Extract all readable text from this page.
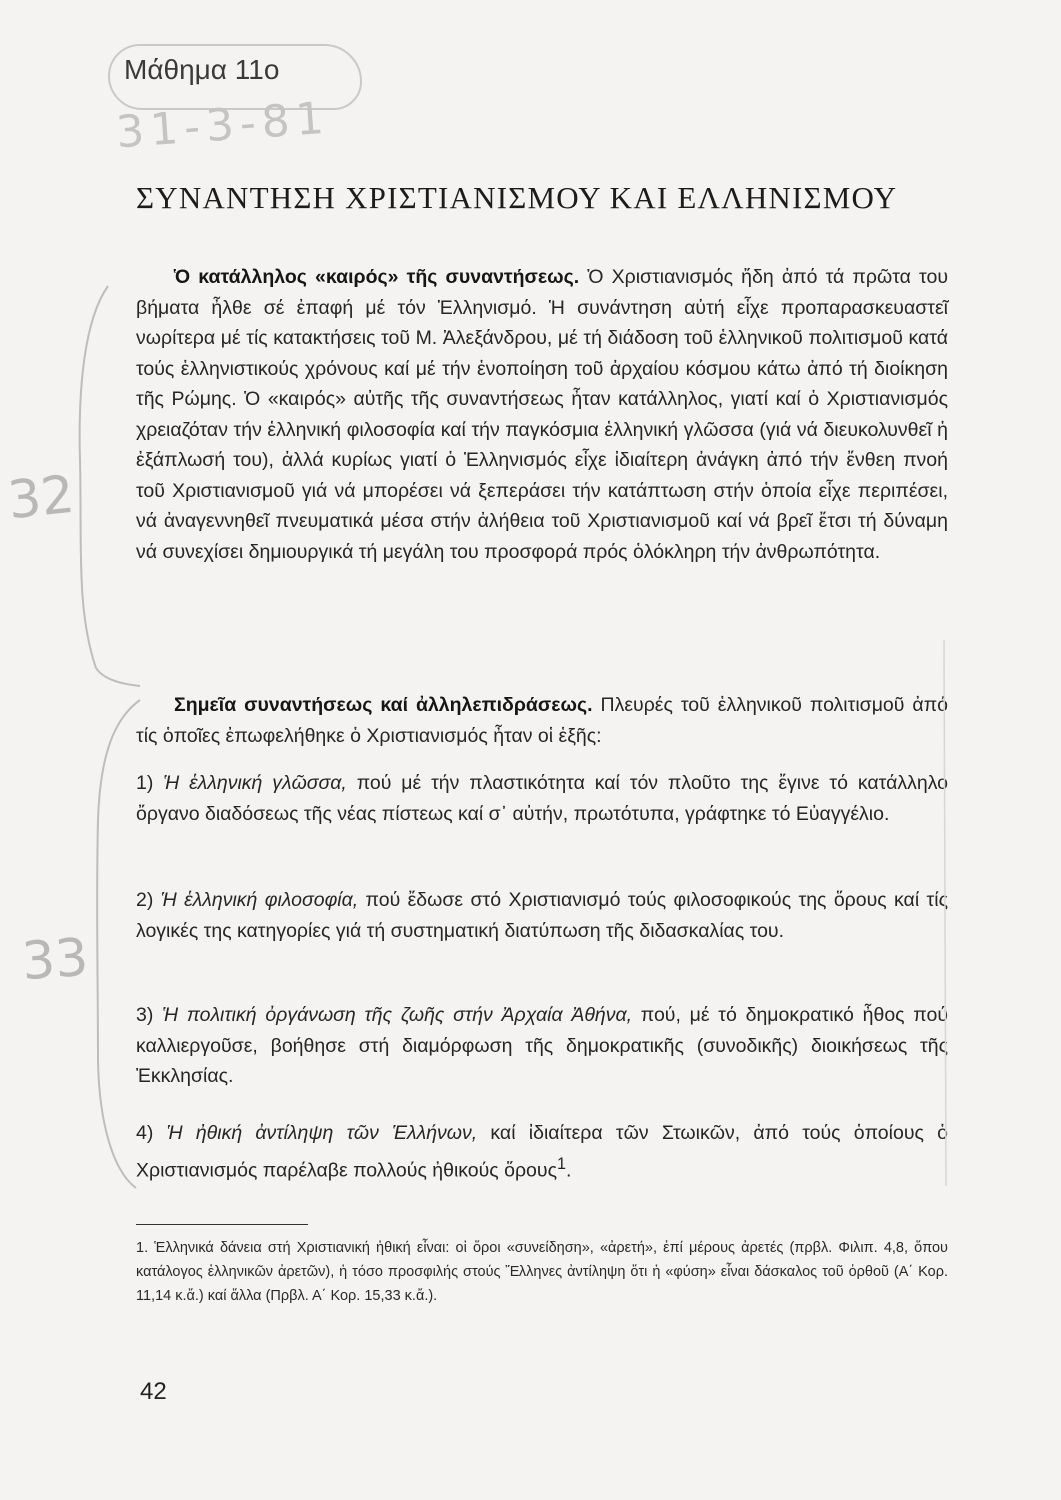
Μάθημα 11ο
31-3-81
ΣΥΝΑΝΤΗΣΗ ΧΡΙΣΤΙΑΝΙΣΜΟΥ ΚΑΙ ΕΛΛΗΝΙΣΜΟΥ
Ὁ κατάλληλος «καιρός» τῆς συναντήσεως. Ὁ Χριστιανισμός ἤδη ἀπό τά πρῶτα του βήματα ἦλθε σέ ἐπαφή μέ τόν Ἑλληνισμό. Ἡ συνάντηση αὐτή εἶχε προπαρασκευαστεῖ νωρίτερα μέ τίς κατακτήσεις τοῦ Μ. Ἀλεξάνδρου, μέ τή διάδοση τοῦ ἑλληνικοῦ πολιτισμοῦ κατά τούς ἑλληνιστικούς χρόνους καί μέ τήν ἑνοποίηση τοῦ ἀρχαίου κόσμου κάτω ἀπό τή διοίκηση τῆς Ρώμης. Ὁ «καιρός» αὐτῆς τῆς συναντήσεως ἦταν κατάλληλος, γιατί καί ὁ Χριστιανισμός χρειαζόταν τήν ἑλληνική φιλοσοφία καί τήν παγκόσμια ἑλληνική γλῶσσα (γιά νά διευκολυνθεῖ ἡ ἐξάπλωσή του), ἀλλά κυρίως γιατί ὁ Ἑλληνισμός εἶχε ἰδιαίτερη ἀνάγκη ἀπό τήν ἔνθεη πνοή τοῦ Χριστιανισμοῦ γιά νά μπορέσει νά ξεπεράσει τήν κατάπτωση στήν ὁποία εἶχε περιπέσει, νά ἀναγεννηθεῖ πνευματικά μέσα στήν ἀλήθεια τοῦ Χριστιανισμοῦ καί νά βρεῖ ἔτσι τή δύναμη νά συνεχίσει δημιουργικά τή μεγάλη του προσφορά πρός ὁλόκληρη τήν ἀνθρωπότητα.
Σημεῖα συναντήσεως καί ἀλληλεπιδράσεως. Πλευρές τοῦ ἑλληνικοῦ πολιτισμοῦ ἀπό τίς ὁποῖες ἐπωφελήθηκε ὁ Χριστιανισμός ἦταν οἱ ἑξῆς:
1) Ἡ ἑλληνική γλῶσσα, πού μέ τήν πλαστικότητα καί τόν πλοῦτο της ἔγινε τό κατάλληλο ὄργανο διαδόσεως τῆς νέας πίστεως καί σ᾽ αὐτήν, πρωτότυπα, γράφτηκε τό Εὐαγγέλιο.
2) Ἡ ἑλληνική φιλοσοφία, πού ἔδωσε στό Χριστιανισμό τούς φιλοσοφικούς της ὅρους καί τίς λογικές της κατηγορίες γιά τή συστηματική διατύπωση τῆς διδασκαλίας του.
3) Ἡ πολιτική ὀργάνωση τῆς ζωῆς στήν Ἀρχαία Ἀθήνα, πού, μέ τό δημοκρατικό ἦθος πού καλλιεργοῦσε, βοήθησε στή διαμόρφωση τῆς δημοκρατικῆς (συνοδικῆς) διοικήσεως τῆς Ἐκκλησίας.
4) Ἡ ἠθική ἀντίληψη τῶν Ἑλλήνων, καί ἰδιαίτερα τῶν Στωικῶν, ἀπό τούς ὁποίους ὁ Χριστιανισμός παρέλαβε πολλούς ἠθικούς ὅρους$^1$.
1. Ἑλληνικά δάνεια στή Χριστιανική ἠθική εἶναι: οἱ ὅροι «συνείδηση», «ἀρετή», ἐπί μέρους ἀρετές (πρβλ. Φιλιπ. 4,8, ὅπου κατάλογος ἑλληνικῶν ἀρετῶν), ἡ τόσο προσφιλής στούς Ἕλληνες ἀντίληψη ὅτι ἡ «φύση» εἶναι δάσκαλος τοῦ ὀρθοῦ (Α΄ Κορ. 11,14 κ.ἄ.) καί ἄλλα (Πρβλ. Α΄ Κορ. 15,33 κ.ἄ.).
42
32
33
